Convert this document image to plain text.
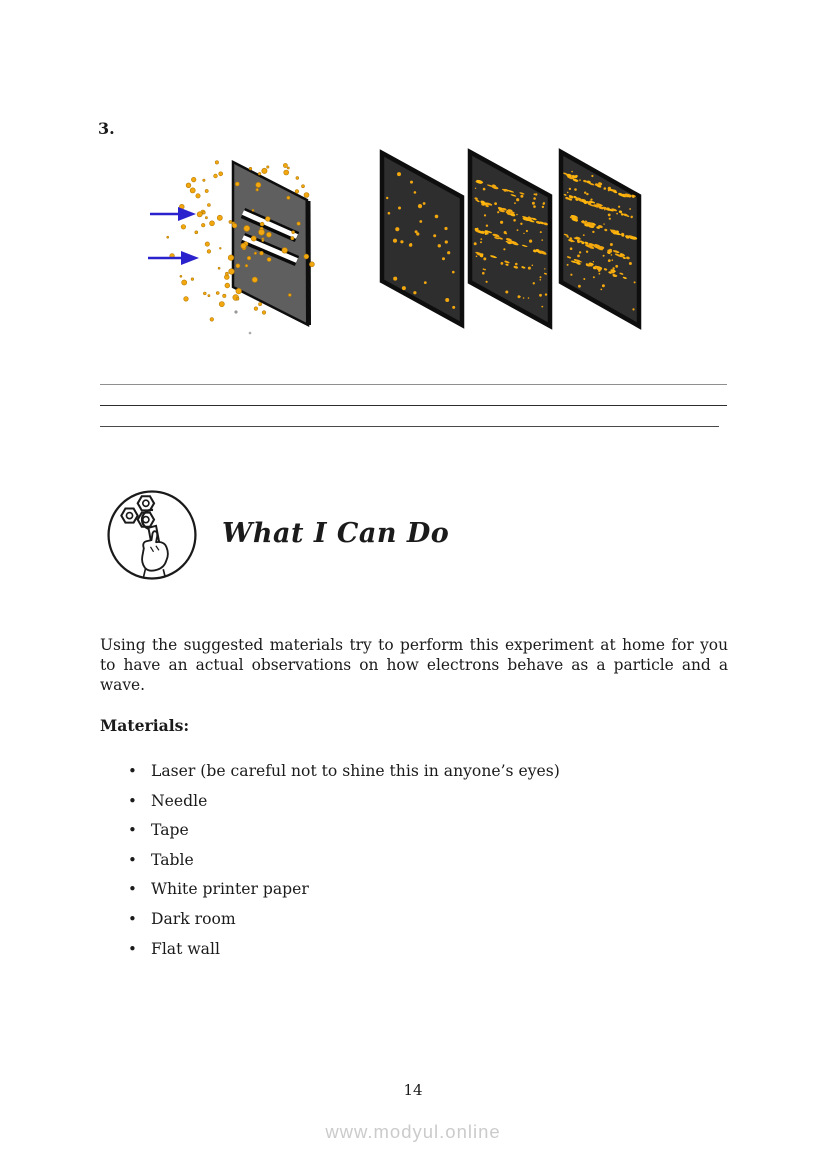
3.
What I Can Do

Using the suggested materials try to perform this experiment at home for you to have an actual observations on how electrons behave as a particle and a wave.

Materials:
• Laser (be careful not to shine this in anyone’s eyes)
• Needle
• Tape
• Table
• White printer paper
• Dark room
• Flat wall
14
www.modyul.online
